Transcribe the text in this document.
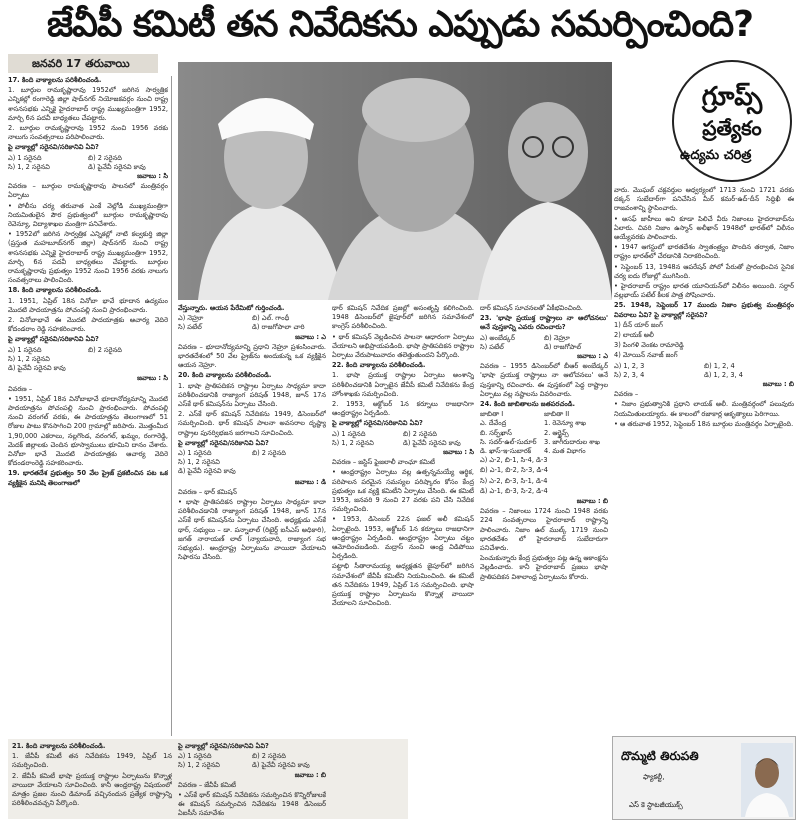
జేవీపీ కమిటీ తన నివేదికను ఎప్పుడు సమర్పించింది?
జనవరి 17 తరువాయి

17. కింది వాక్యాలను పరిశీలించండి.

1. బూర్గుల రామకృష్ణారావు 1952లో జరిగిన సార్వత్రిక ఎన్నికల్లో రంగారెడ్డి జిల్లా షాద్‌నగర్ నియోజకవర్గం నుంచి రాష్ట్ర శాసనసభకు ఎన్నికై హైదరాబాద్ రాష్ట్ర ముఖ్యమంత్రిగా 1952, మార్చి 6న పదవీ బాధ్యతలు చేపట్టారు.

2. బూర్గుల రామకృష్ణారావు 1952 నుంచి 1956 వరకు నాలుగు సంవత్సరాలు పరిపాలించారు.

పై వాక్యాల్లో సరైనవి/సరికానివి ఏవి?

ఎ) 1 సరైనది	బి) 2 సరైనది
సి) 1, 2 సరైనవి	డి) పైవేవీ సరైనవి కావు

జవాబు : సి

వివరణ – బూర్గుల రామకృష్ణారావు పాలనలో మంత్రివర్గం ఏర్పాటు

• పోలీసు చర్య తరువాత ఎంకే వెల్లోడి ముఖ్యమంత్రిగా నియమితులైన పౌర ప్రభుత్వంలో బూర్గుల రామకృష్ణారావు రెవెన్యూ, విద్యాశాఖల మంత్రిగా పనిచేశారు.

• 1952లో జరిగిన సార్వత్రిక ఎన్నికల్లో నాటి కల్వకుర్తి జిల్లా (ప్రస్తుత మహబూబ్‌నగర్ జిల్లా) షాద్‌నగర్ నుంచి రాష్ట్ర శాసనసభకు ఎన్నికై హైదరాబాద్ రాష్ట్ర ముఖ్యమంత్రిగా 1952, మార్చి 6న పదవీ బాధ్యతలు చేపట్టారు. బూర్గుల రామకృష్ణారావు ప్రభుత్వం 1952 నుంచి 1956 వరకు నాలుగు సంవత్సరాలు పాలించింది.

18. కింది వాక్యాలను పరిశీలించండి.

1. 1951, ఏప్రిల్ 18న వినోబా భావే భూదాన ఉద్యమం మొదటి పాదయాత్రను పోచంపల్లి నుంచి ప్రారంభించారు.

2. వినోబాభావే ఈ మొదటి పాదయాత్రకు ఆచార్య వెదిరె కోదండరాం రెడ్డి సహకరించారు.

పై వాక్యాల్లో సరైనవి/సరికానివి ఏవి?

ఎ) 1 సరైనది	బి) 2 సరైనది
సి) 1, 2 సరైనవి

డి) పైవేవీ సరైనవి కావు

జవాబు : సి

వివరణ –

• 1951, ఏప్రిల్ 18న వినోబాభావే భూదానోద్యమాన్ని మొదటి పాదయాత్రను పోచంపల్లి నుంచి ప్రారంభించారు. పోచంపల్లి నుంచి వరంగల్ వరకు, ఈ పాదయాత్రను తెలంగాణలో 51 రోజుల పాటు కొనసాగించి 200 గ్రామాల్లో జరిపారు. మొత్తంమీద 1,90,000 ఎకరాలు, నల్లగొండ, వరంగల్, ఖమ్మం, రంగారెడ్డి, మెదక్ జిల్లాలకు చెందిన భూస్వాములు భూమిని దానం చేశారు. వినోబా భావే మొదటి పాదయాత్రకు ఆచార్య వెదిరె కోదండరాంరెడ్డి సహకరించారు.

19. భారతదేశ ప్రభుత్వం 50 వేల ప్రైజ్ ప్రకటించిన పట ఒక వ్యక్తికైన మనిషి తెలంగాణలో

గ్రూప్స్
ప్రత్యేకం
ఉద్యమ చరిత్ర

వేస్తున్నారు. ఆయన పేరేమిటో గుర్తించండి.

ఎ) నెహ్రూ	బి) ఎల్. గాంధీ
సి) పటేల్	డి) రాజగోపాలా చారి

జవాబు : ఎ

వివరణ – భూదానోద్యమాన్ని ప్రధాని నెహ్రూ ప్రశంసించారు. భారతదేశంలో 50 వేల ప్రైజ్‌ను అందుకున్న ఒక వ్యక్తికైన ఆయన నెహ్రూ.

20. కింది వాక్యాలను పరిశీలించండి.

1. భాషా ప్రాతిపదికన రాష్ట్రాల ఏర్పాటు సాధ్యమా కాదా పరిశీలించడానికి రాజ్యాంగ పరిషత్ 1948, జూన్ 17న ఎస్‌కే థార్ కమిషన్‌ను ఏర్పాటు చేసింది.

2. ఎస్‌కే థార్ కమిషన్ నివేదికను 1949, డిసెంబర్‌లో సమర్పించింది. థార్ కమిషన్ పాలనా అవసరాల దృష్ట్యా రాష్ట్రాల పునర్విభజన జరగాలని సూచించింది.

పై వాక్యాల్లో సరైనవి/సరికానివి ఏవి?

ఎ) 1 సరైనది	బి) 2 సరైనది
సి) 1, 2 సరైనవి

డి) పైవేవీ సరైనవి కావు

జవాబు : డి

వివరణ – థార్ కమిషన్

• భాషా ప్రాతిపదికన రాష్ట్రాల ఏర్పాటు సాధ్యమా కాదా పరిశీలించడానికి రాజ్యాంగ పరిషత్ 1948, జూన్ 17న ఎస్‌కే థార్ కమిషన్‌ను ఏర్పాటు చేసింది. అధ్యక్షుడు ఎస్‌కే థార్, సభ్యులు – డా. పన్నాలాల్ (రిటైర్డ్ ఐసీఎస్ అధికారి), జగత్ నారాయణ్ లాల్ (న్యాయవాది, రాజ్యాంగ సభ సభ్యుడు). ఆంధ్రరాష్ట్ర ఏర్పాటును వాయిదా వేయాలని సిఫారసు చేసింది.

థార్ కమిషన్ నివేదిక ప్రజల్లో అసంతృప్తి కలిగించింది. 1948 డిసెంబర్‌లో జైపూర్‌లో జరిగిన సమావేశంలో కాంగ్రెస్ పరిశీలించింది.

• థార్ కమిషన్ వెల్లడించిన పాలనా ఆధారంగా ఏర్పాటు చేయాలని అభిప్రాయపడింది. భాషా ప్రాతిపదికన రాష్ట్రాల ఏర్పాటు వేరుపాటువాదం తలెత్తుతుందని పేర్కొంది.

22. కింది వాక్యాలను పరిశీలించండి.

1. భాషా ప్రయుక్త రాష్ట్రాల ఏర్పాటు అంశాన్ని పరిశీలించడానికి ఏర్పాటైన జేవీపీ కమిటీ నివేదికను కేంద్ర హోంశాఖకు సమర్పించింది.

2. 1953, అక్టోబర్ 1న కర్నూలు రాజధానిగా ఆంధ్రరాష్ట్రం ఏర్పడింది.

పై వాక్యాల్లో సరైనవి/సరికానివి ఏవి?

ఎ) 1 సరైనది	బి) 2 సరైనది
సి) 1, 2 సరైనవి	డి) పైవేవీ సరైనవి కావు

జవాబు : సి

వివరణ – జస్టిస్ ఫైజలాలీ వాంఛూ కమిటీ

• ఆంధ్రరాష్ట్రం ఏర్పాటు వల్ల ఉత్పన్నమయ్యే ఆర్థిక, పరిపాలన పరమైన సమస్యల పరిష్కారం కోసం కేంద్ర ప్రభుత్వం ఒక వ్యక్తి కమిటీని ఏర్పాటు చేసింది. ఈ కమిటీ 1953, జనవరి 9 నుంచి 27 వరకు పని చేసి నివేదిక సమర్పించింది.

• 1953, డిసెంబర్ 22న ఫజల్ అలీ కమిషన్ ఏర్పాటైంది. 1953, అక్టోబర్ 1న కర్నూలు రాజధానిగా ఆంధ్రరాష్ట్రం ఏర్పడింది. ఆంధ్రరాష్ట్రం ఏర్పాటు చట్టం ఆమోదించబడింది. మద్రాస్ నుంచి ఆంధ్ర విడిపోయి ఏర్పడింది.

పట్టాభి సీతారామయ్య అధ్యక్షతన జైపూర్‌లో జరిగిన సమావేశంలో జేవీపీ కమిటీని నియమించింది. ఈ కమిటీ తన నివేదికను 1949, ఏప్రిల్ 1న సమర్పించింది. భాషా ప్రయుక్త రాష్ట్రాల ఏర్పాటును కొన్నాళ్ల వాయిదా వేయాలని సూచించింది.

దార్ కమిషన్ సూచనలతో ఏకీభవించింది.

23. 'భాషా ప్రయుక్త రాష్ట్రాలు నా ఆలోచనలు' అనే పుస్తకాన్ని ఎవరు రచించారు?

ఎ) అంబేడ్కర్	బి) నెహ్రూ
సి) పటేల్	డి) రాజగోపాల్

జవాబు : ఎ

వివరణ – 1955 డిసెంబర్‌లో బీఆర్ అంబేడ్కర్ 'భాషా ప్రయుక్త రాష్ట్రాలు నా ఆలోచనలు' అనే పుస్తకాన్ని రచించారు. ఈ పుస్తకంలో పెద్ద రాష్ట్రాల ఏర్పాటు వల్ల నష్టాలను వివరించారు.

24. కింది జాబితాలను జతపరచండి.

జాబితా I	జాబితా II
ఎ. దేవేంద్ర	1. రెవెన్యూ శాఖ
బి. సర్ఫ్‌ఖాస్	2. ఆర్ఖైవ్స్
సి. సదర్-ఉల్-సుదూర్	3. జాగీరుదారుల శాఖ
డి. ఖాస్-ఇ-సుబారక్	4. మత విభాగం

ఎ) ఎ-2, బి-1, సి-4, డి-3

బి) ఎ-1, బి-2, సి-3, డి-4

సి) ఎ-2, బి-3, సి-1, డి-4

డి) ఎ-1, బి-3, సి-2, డి-4

జవాబు : బి

వివరణ – నిజాంలు 1724 నుంచి 1948 వరకు 224 సంవత్సరాలు హైదరాబాద్ రాష్ట్రాన్ని పాలించారు. నిజాం ఉల్ ముల్క్ 1719 నుంచి భారతదేశం లో హైదరాబాద్ సుబేదారుగా పనిచేశారు.

పెంచుకున్నారు కేంద్ర ప్రభుత్వం పట్ల ఉన్న ఆకాంక్షను వెల్లడించారు. కానీ హైదరాబాద్ ప్రజలు భాషా ప్రాతిపదికన విశాలాంధ్ర ఏర్పాటును కోరారు.

వారు. మొఘల్ చక్రవర్తుల ఆధ్వర్యంలో 1713 నుంచి 1721 వరకు దక్కన్ సుబేదార్‌గా పనిచేసిన మీర్ కమర్-ఉద్-దీన్ సిద్దిఖీ ఈ రాజవంశాన్ని స్థాపించారు.

• అసఫ్ జాహీలు అని కూడా పిలిచే వీరు నిజాంలు హైదరాబాద్‌ను ఏలారు. చివరి నిజాం ఉస్మాన్ అలీఖాన్ 1948లో భారత్‌లో విలీనం అయ్యేవరకు పాలించారు.

• 1947 ఆగస్టులో భారతదేశం స్వాతంత్ర్యం పొందిన తర్వాత, నిజాం రాష్ట్రం భారత్‌లో చేరడానికి నిరాకరించింది.

• సెప్టెంబర్ 13, 1948న ఆపరేషన్ పోలో పేరుతో ప్రారంభించిన సైనిక చర్య ఐదు రోజుల్లో ముగిసింది.

• హైదరాబాద్ రాష్ట్రం భారత యూనియన్‌లో విలీనం అయింది. సర్దార్ వల్లభాయ్ పటేల్ కీలక పాత్ర పోషించారు.

25. 1948, సెప్టెంబర్ 17 ముందు నిజాం ప్రభుత్వ మంత్రివర్గం వివరాలు ఏవి? పై వాక్యాల్లో సరైనవి?

1) దీన్ యార్ జంగ్

2) లాయక్ అలీ

3) పింగళి వెంకట రామారెడ్డి

4) మోయిన్ నవాజ్ జంగ్

ఎ) 1, 2, 3	బి) 1, 2, 4
సి) 2, 3, 4	డి) 1, 2, 3, 4

జవాబు : బి

వివరణ –

• నిజాం ప్రభుత్వానికి ప్రధాని లాయక్ అలీ. మంత్రివర్గంలో పలువురు నియమితులయ్యారు. ఈ కాలంలో రజాకార్ల అకృత్యాలు పెరిగాయి.

• ఆ తరువాత 1952, సెప్టెంబర్ 18న బూర్గుల మంత్రివర్గం ఏర్పాటైంది.

21. కింది వాక్యాలను పరిశీలించండి.

1. జేవీపీ కమిటీ తన నివేదికను 1949, ఏప్రిల్ 1న సమర్పించింది.

2. జేవీపీ కమిటీ భాషా ప్రయుక్త రాష్ట్రాల ఏర్పాటును కొన్నాళ్ల వాయిదా వేయాలని సూచించింది. కానీ ఆంధ్రరాష్ట్ర విషయంలో మాత్రం ప్రజల నుంచి డిమాండ్ వచ్చినందున ప్రత్యేక రాష్ట్రాన్ని పరిశీలించవచ్చని పేర్కొంది.

పై వాక్యాల్లో సరైనవి/సరికానివి ఏవి?

ఎ) 1 సరైనది	బి) 2 సరైనది
సి) 1, 2 సరైనవి	డి) పైవేవీ సరైనవి కావు

జవాబు : బి

వివరణ – జేవీపీ కమిటీ

• ఎస్‌కే థార్ కమిషన్ నివేదికను సమర్పించిన కొన్నిరోజులకే ఈ కమిషన్ సమర్పించిన నివేదికను 1948 డిసెంబర్ ఏఐసీసీ సమావేశం

దొమ్మటి తిరుపతి
ఫ్యాకల్టీ,
ఎస్ కె స్టాటజీయుక్స్
